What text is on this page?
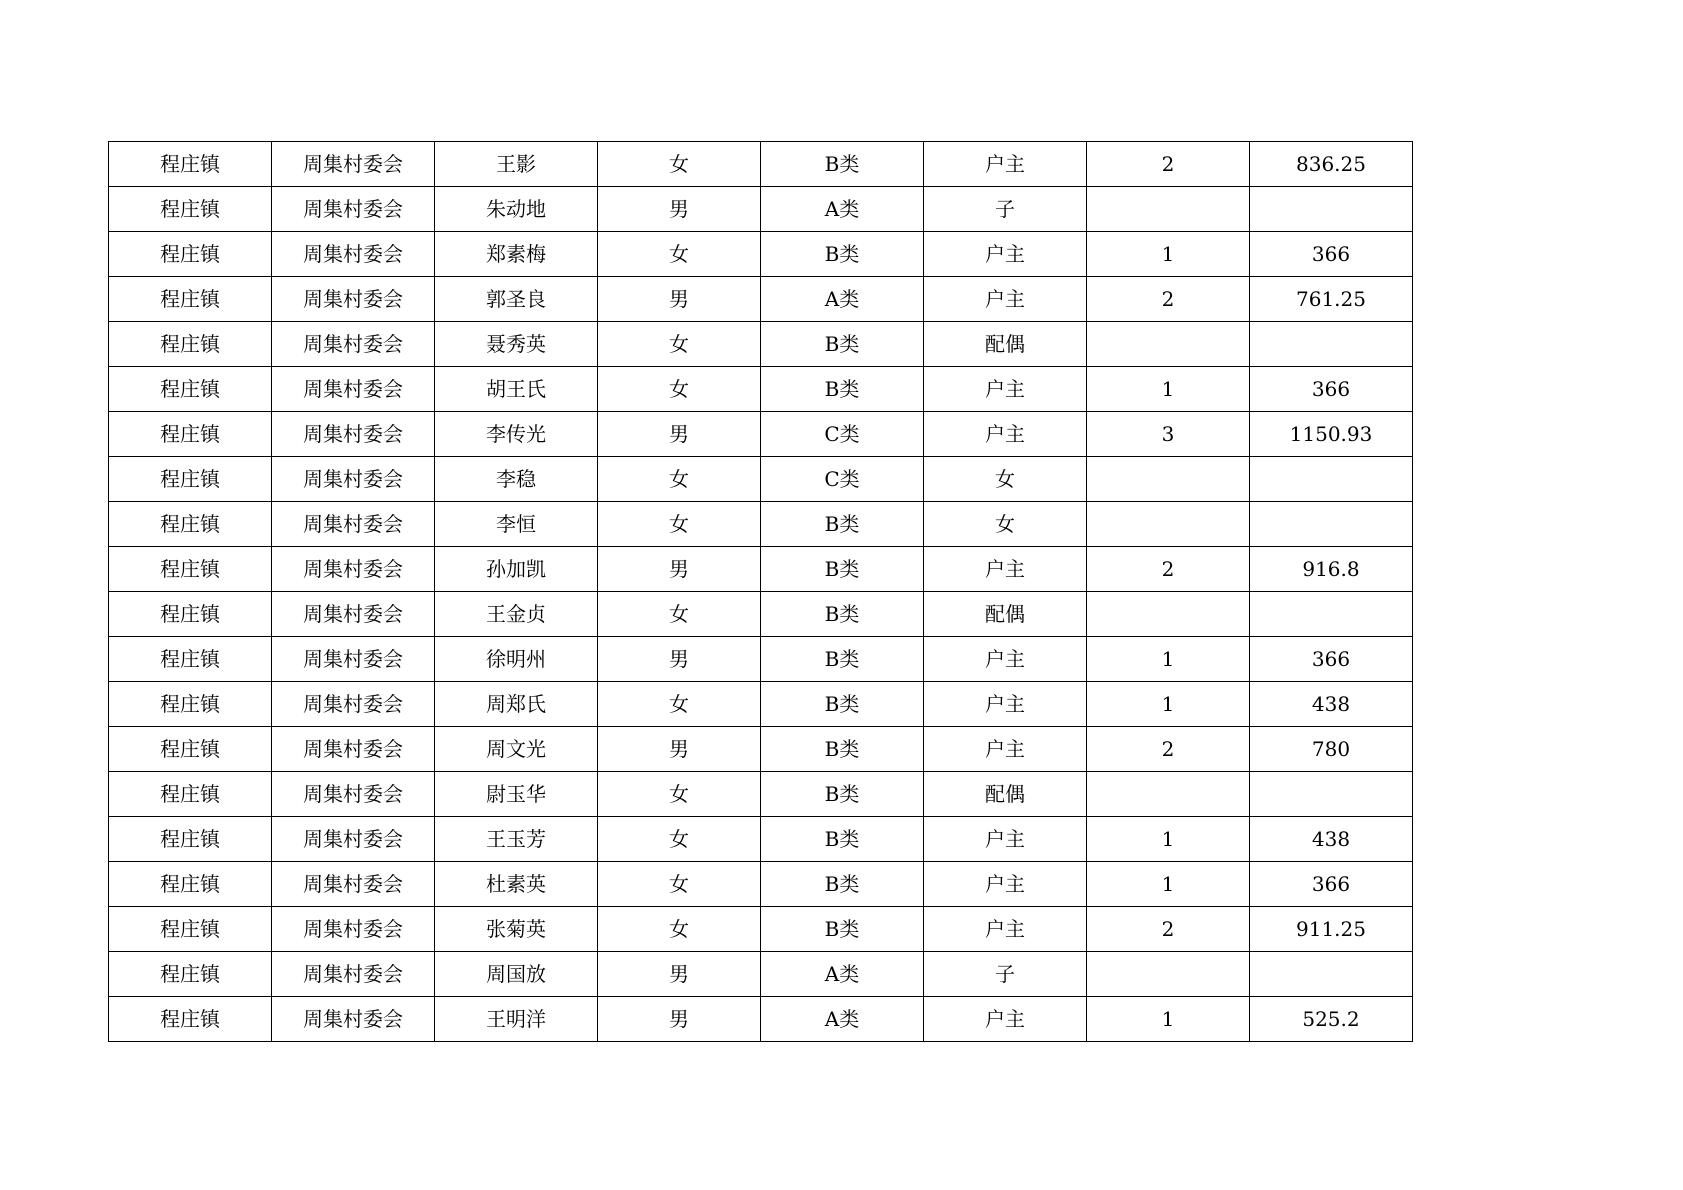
程庄镇	周集村委会	王影	女	B类	户主	2	836.25
程庄镇	周集村委会	朱动地	男	A类	子		
程庄镇	周集村委会	郑素梅	女	B类	户主	1	366
程庄镇	周集村委会	郭圣良	男	A类	户主	2	761.25
程庄镇	周集村委会	聂秀英	女	B类	配偶		
程庄镇	周集村委会	胡王氏	女	B类	户主	1	366
程庄镇	周集村委会	李传光	男	C类	户主	3	1150.93
程庄镇	周集村委会	李稳	女	C类	女		
程庄镇	周集村委会	李恒	女	B类	女		
程庄镇	周集村委会	孙加凯	男	B类	户主	2	916.8
程庄镇	周集村委会	王金贞	女	B类	配偶		
程庄镇	周集村委会	徐明州	男	B类	户主	1	366
程庄镇	周集村委会	周郑氏	女	B类	户主	1	438
程庄镇	周集村委会	周文光	男	B类	户主	2	780
程庄镇	周集村委会	尉玉华	女	B类	配偶		
程庄镇	周集村委会	王玉芳	女	B类	户主	1	438
程庄镇	周集村委会	杜素英	女	B类	户主	1	366
程庄镇	周集村委会	张菊英	女	B类	户主	2	911.25
程庄镇	周集村委会	周国放	男	A类	子		
程庄镇	周集村委会	王明洋	男	A类	户主	1	525.2
